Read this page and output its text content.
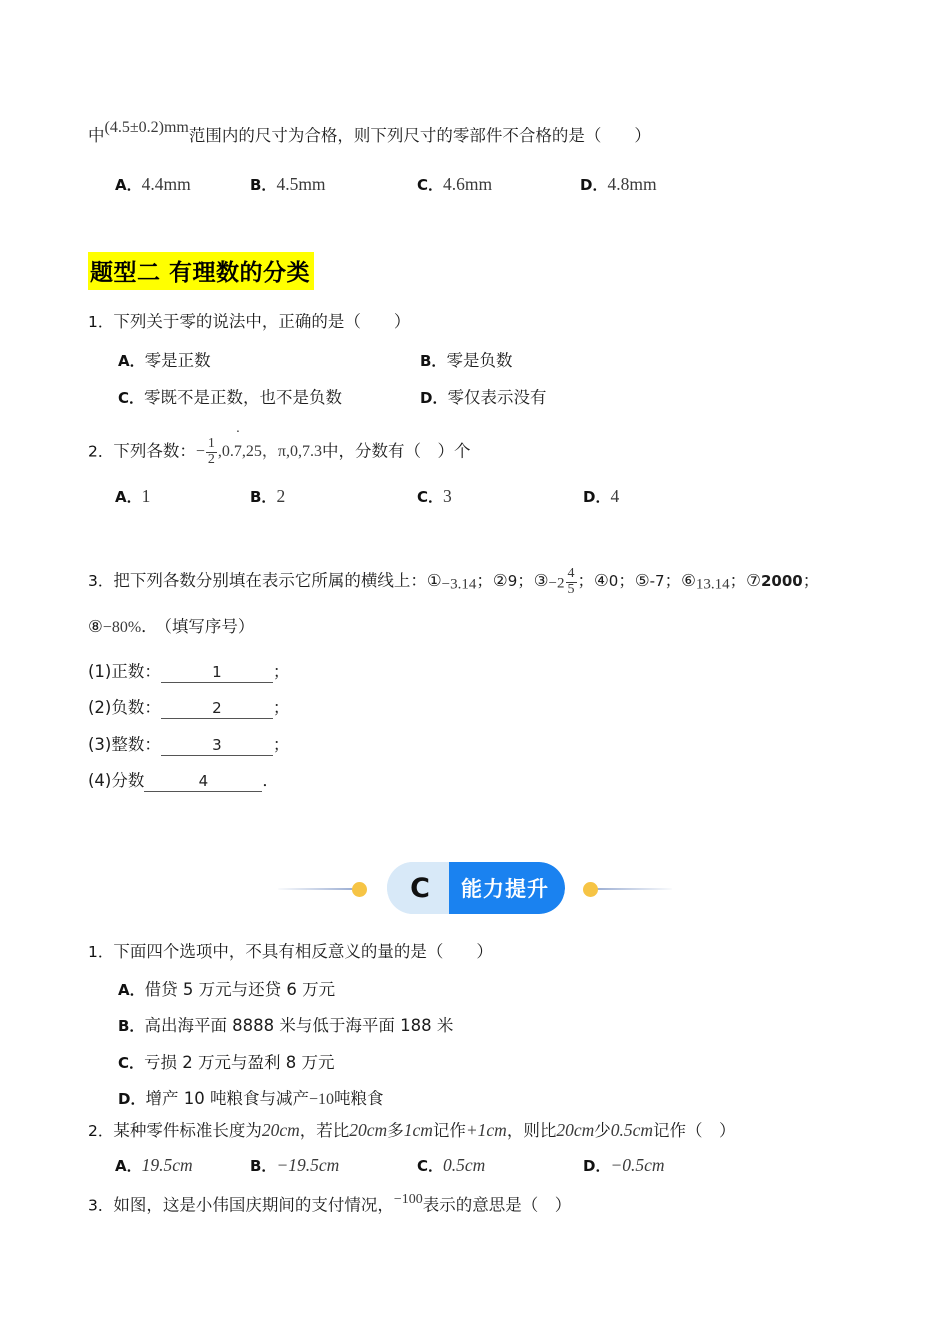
中(4.5±0.2)mm范围内的尺寸为合格，则下列尺寸的零部件不合格的是（　　）
A．4.4mm	B．4.5mm	C．4.6mm	D．4.8mm
题型二 有理数的分类
1．下列关于零的说法中，正确的是（　　）
A．零是正数	B．零是负数
C．零既不是正数，也不是负数	D．零仅表示没有
2．下列各数：− $\frac{1}{2} ,0.7$ ˙,25，π,0,7.3中，分数有（　）个
A．1	B．2	C．3	D．4
3．把下列各数分别填在表示它所属的横线上：①−3.14；②9；③−2 $\frac{4}{5}$ ；④0；⑤-7；⑥13.14；⑦2000；
⑧−80%． （填写序号）
(1)正数：	1	；
(2)负数：	2	；
(3)整数：	3	；
(4)分数	4	．
C 能力提升
1．下面四个选项中，不具有相反意义的量的是（　　）
A．借贷 5 万元与还贷 6 万元
B．高出海平面 8888 米与低于海平面 188 米
C．亏损 2 万元与盈利 8 万元
D．增产 10 吨粮食与减产−10吨粮食
2．某种零件标准长度为20cm，若比20cm多1cm记作+1cm，则比20cm少0.5cm记作（　）
A．19.5cm	B．−19.5cm	C．0.5cm	D．−0.5cm
3．如图，这是小伟国庆期间的支付情况，$^{-100}$表示的意思是（　）
